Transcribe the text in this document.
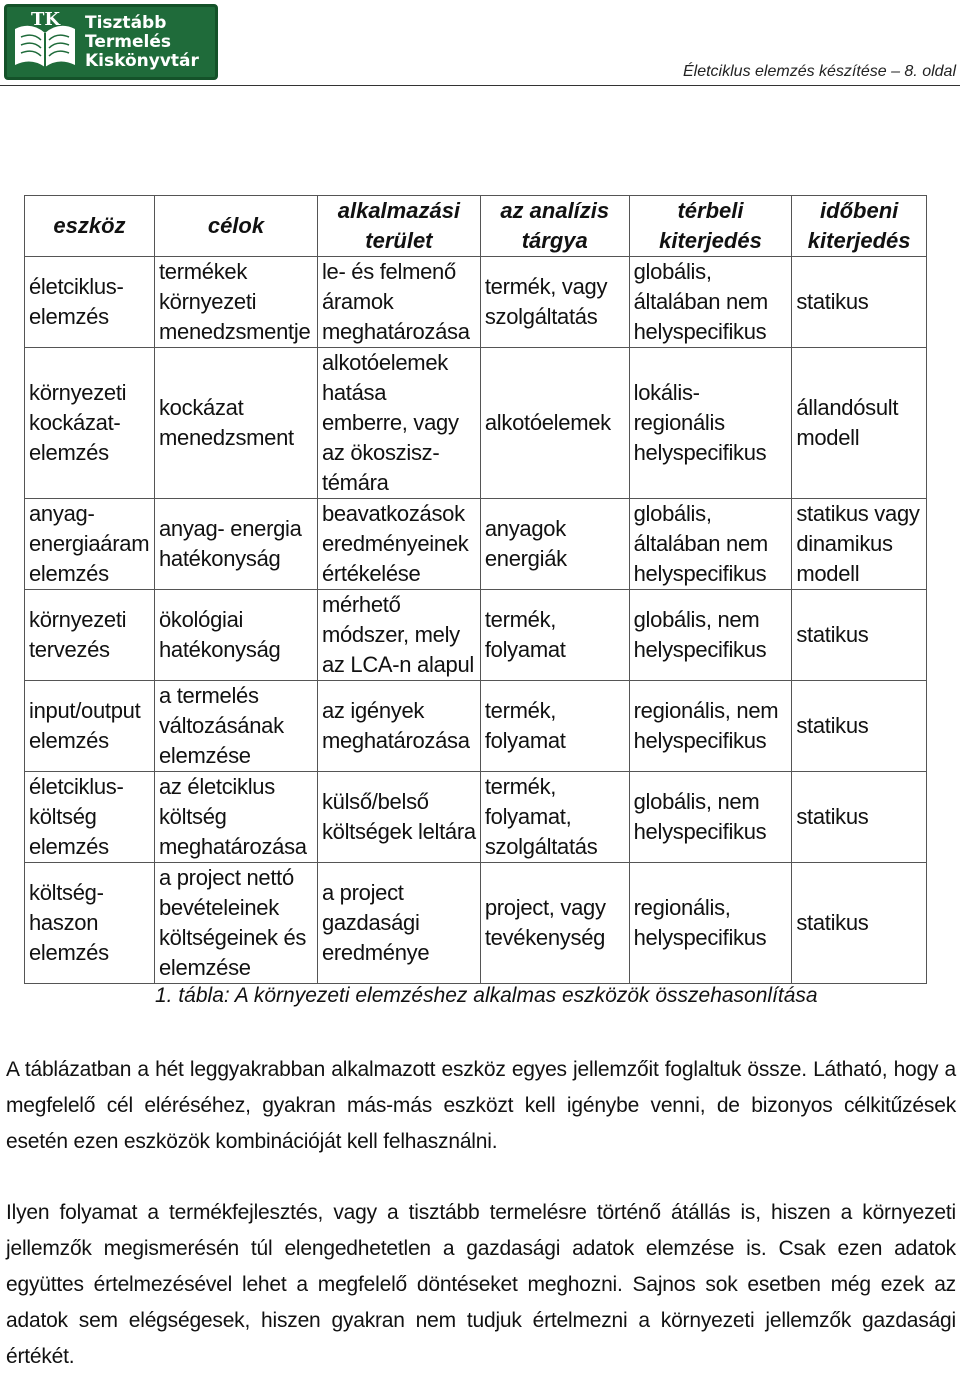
TK Tisztább
Termelés
Kiskönyvtár
Életciklus elemzés készítése – 8. oldal
eszköz	célok	alkalmazási terület	az analízis tárgya	térbeli kiterjedés	időbeni kiterjedés
életciklus-elemzés	termékek környezeti menedzsmentje	le- és felmenő áramok meghatározása	termék, vagy szolgáltatás	globális, általában nem helyspecifikus	statikus
környezeti kockázat-elemzés	kockázat menedzsment	alkotóelemek hatása emberre, vagy az ökoszisz-témára	alkotóelemek	lokális-regionális helyspecifikus	állandósult modell
anyag-energiaáram elemzés	anyag- energia hatékonyság	beavatkozások eredményeinek értékelése	anyagok energiák	globális, általában nem helyspecifikus	statikus vagy dinamikus modell
környezeti tervezés	ökológiai hatékonyság	mérhető módszer, mely az LCA-n alapul	termék, folyamat	globális, nem helyspecifikus	statikus
input/output elemzés	a termelés változásának elemzése	az igények meghatározása	termék, folyamat	regionális, nem helyspecifikus	statikus
életciklus-költség elemzés	az életciklus költség meghatározása	külső/belső költségek leltára	termék, folyamat, szolgáltatás	globális, nem helyspecifikus	statikus
költség-haszon elemzés	a project nettó bevételeinek költségeinek és elemzése	a project gazdasági eredménye	project, vagy tevékenység	regionális, helyspecifikus	statikus
1. tábla: A környezeti elemzéshez alkalmas eszközök összehasonlítása
A táblázatban a hét leggyakrabban alkalmazott eszköz egyes jellemzőit foglaltuk össze. Látható, hogy a megfelelő cél eléréséhez, gyakran más-más eszközt kell igénybe venni, de bizonyos célkitűzések esetén ezen eszközök kombinációját kell felhasználni.
Ilyen folyamat a termékfejlesztés, vagy a tisztább termelésre történő átállás is, hiszen a környezeti jellemzők megismerésén túl elengedhetetlen a gazdasági adatok elemzése is. Csak ezen adatok együttes értelmezésével lehet a megfelelő döntéseket meghozni. Sajnos sok esetben még ezek az adatok sem elégségesek, hiszen gyakran nem tudjuk értelmezni a környezeti jellemzők gazdasági értékét.
